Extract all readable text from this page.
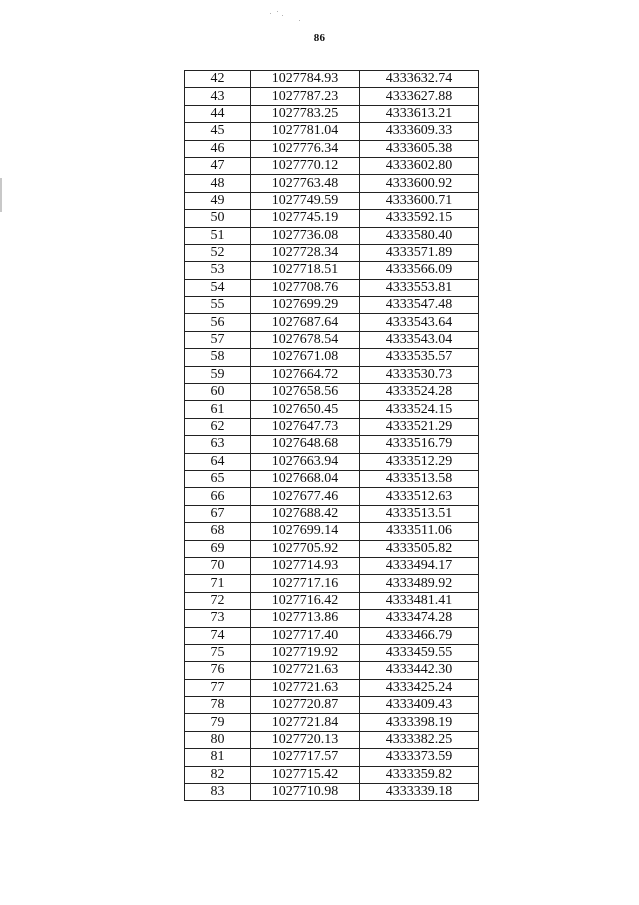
86
42	1027784.93	4333632.74
43	1027787.23	4333627.88
44	1027783.25	4333613.21
45	1027781.04	4333609.33
46	1027776.34	4333605.38
47	1027770.12	4333602.80
48	1027763.48	4333600.92
49	1027749.59	4333600.71
50	1027745.19	4333592.15
51	1027736.08	4333580.40
52	1027728.34	4333571.89
53	1027718.51	4333566.09
54	1027708.76	4333553.81
55	1027699.29	4333547.48
56	1027687.64	4333543.64
57	1027678.54	4333543.04
58	1027671.08	4333535.57
59	1027664.72	4333530.73
60	1027658.56	4333524.28
61	1027650.45	4333524.15
62	1027647.73	4333521.29
63	1027648.68	4333516.79
64	1027663.94	4333512.29
65	1027668.04	4333513.58
66	1027677.46	4333512.63
67	1027688.42	4333513.51
68	1027699.14	4333511.06
69	1027705.92	4333505.82
70	1027714.93	4333494.17
71	1027717.16	4333489.92
72	1027716.42	4333481.41
73	1027713.86	4333474.28
74	1027717.40	4333466.79
75	1027719.92	4333459.55
76	1027721.63	4333442.30
77	1027721.63	4333425.24
78	1027720.87	4333409.43
79	1027721.84	4333398.19
80	1027720.13	4333382.25
81	1027717.57	4333373.59
82	1027715.42	4333359.82
83	1027710.98	4333339.18
